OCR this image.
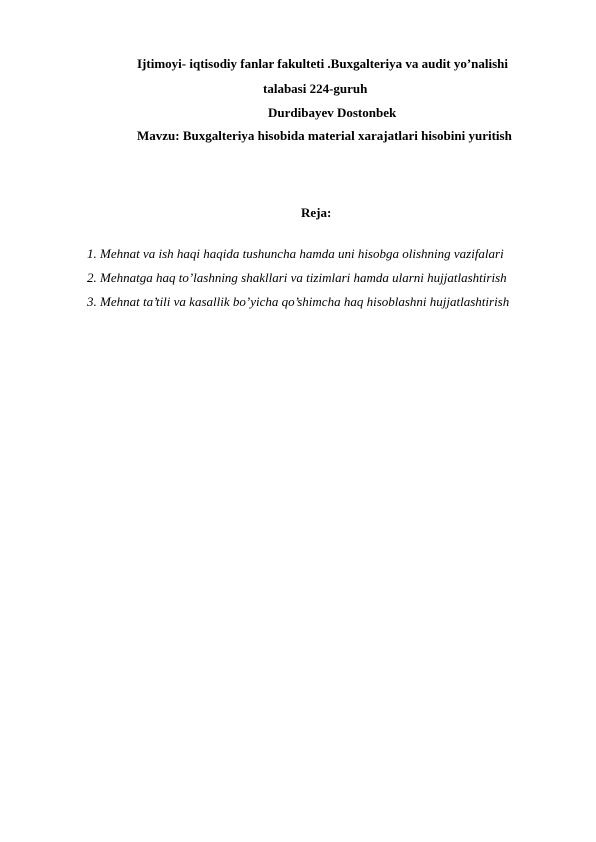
Ijtimoyi- iqtisodiy fanlar fakulteti .Buxgalteriya va audit yo’nalishi
talabasi 224-guruh
Durdibayev Dostonbek
Mavzu: Buxgalteriya hisobida material xarajatlari hisobini yuritish
Reja:
1. Mehnat va ish haqi haqida tushuncha hamda uni hisobga olishning vazifalari
2. Mehnatga haq to’lashning shakllari va tizimlari hamda ularni hujjatlashtirish
3. Mehnat ta’tili va kasallik bo’yicha qo’shimcha haq hisoblashni hujjatlashtirish
